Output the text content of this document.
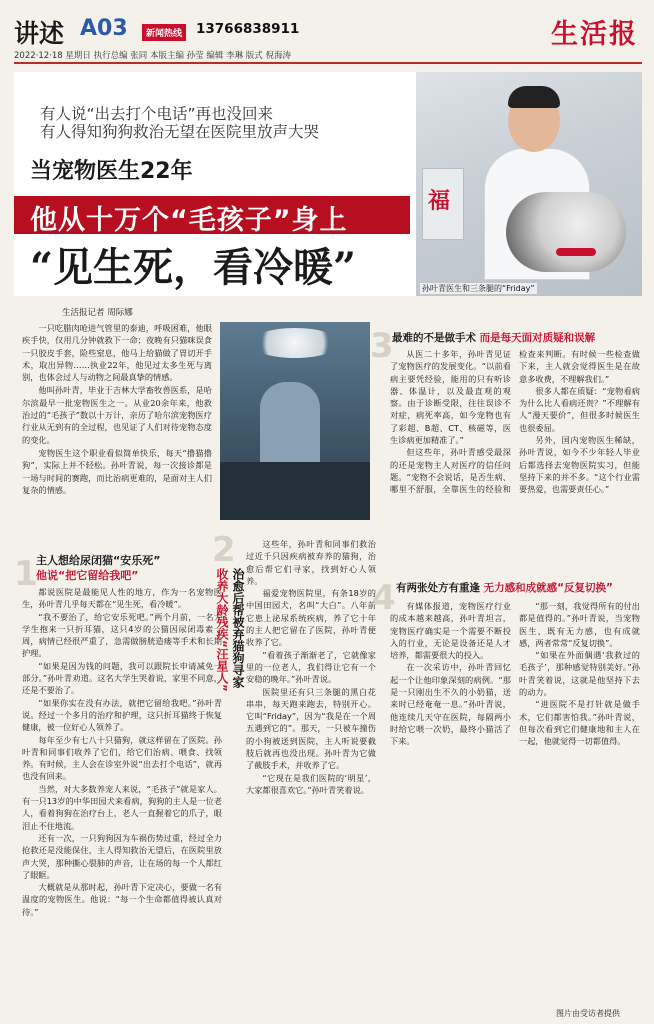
讲述 A03	新闻热线 13766838911	生活报
2022·12·18 星期日 执行总编 张同 本版主编 孙莹 编辑 李琳 版式 倪海涛
福
孙叶青医生和三条腿的“Friday”
有人说“出去打个电话”再也没回来
有人得知狗狗救治无望在医院里放声大哭
当宠物医生22年
他从十万个“毛孩子”身上
“见生死，看冷暖”
生活报记者 周际娜

一只吃腊肉呛进气管里的泰迪，呼吸困难，他眼疾手快，仅用几分钟就救下一命；夜晚有只猫咪误食一只胶皮手套，险些窒息，他马上给猫做了胃切开手术，取出异物……执业22年，他见过太多生死与离别，也体会过人与动物之间最真挚的情感。

他叫孙叶青，毕业于吉林大学畜牧兽医系，是哈尔滨最早一批宠物医生之一。从业20余年来，他救治过的“毛孩子”数以十万计，亲历了哈尔滨宠物医疗行业从无到有的全过程，也见证了人们对待宠物态度的变化。

宠物医生这个职业看似简单快乐，每天“撸猫撸狗”，实际上并不轻松。孙叶青说，每一次接诊都是一场与时间的赛跑，而比治病更难的，是面对主人们复杂的情感。

1
主人想给尿闭猫“安乐死”
他说“把它留给我吧”

都说医院是最能见人性的地方，作为一名宠物医生，孙叶青几乎每天都在“见生死，看冷暖”。

“我不要治了，给它安乐死吧。”两个月前，一名大学生抱来一只折耳猫，这只4岁的公猫因尿闭毒素一周，病情已经很严重了，急需做膀胱造瘘等手术和长期护理。

“如果是因为钱的问题，我可以跟院长申请减免一部分。”孙叶青劝道。这名大学生哭着说，家里不同意，还是不要治了。

“如果你实在没有办法，就把它留给我吧。”孙叶青说。经过一个多月的治疗和护理，这只折耳猫终于恢复健康，被一位好心人领养了。

每年至少有七八十只猫狗，就这样留在了医院。孙叶青和同事们收养了它们，给它们治病、喂食、找领养。有时候，主人会在诊室外说“出去打个电话”，就再也没有回来。

当然，对大多数养宠人来说，“毛孩子”就是家人。有一只13岁的中华田园犬来看病，狗狗的主人是一位老人，看着狗狗在治疗台上，老人一直握着它的爪子，眼泪止不住地流。

还有一次，一只狗狗因为车祸伤势过重，经过全力抢救还是没能保住，主人得知救治无望后，在医院里放声大哭，那种撕心裂肺的声音，让在场的每一个人都红了眼眶。

大概就是从那时起，孙叶青下定决心，要做一名有温度的宠物医生。他说：“每一个生命都值得被认真对待。”

2
治愈后帮被弃猫狗寻家
收养大龄残疾“汪星人”

这些年，孙叶青和同事们救治过近千只因疾病被弃养的猫狗，治愈后帮它们寻家，找到好心人领养。

福爱宠物医院里，有条18岁的中国田园犬，名叫“大白”。八年前它患上泌尿系统疾病，养了它十年的主人把它留在了医院，孙叶青便收养了它。

“看着孩子渐渐老了，它就像家里的一位老人，我们得让它有一个安稳的晚年。”孙叶青说。

医院里还有只三条腿的黑白花串串，每天跑来跑去，特别开心。它叫“Friday”，因为“我是在一个周五遇到它的”。那天，一只被车撞伤的小狗被送到医院，主人听说要截肢后就再也没出现。孙叶青为它做了截肢手术，并收养了它。

“它现在是我们医院的‘明星’，大家都很喜欢它。”孙叶青笑着说。

3
最难的不是做手术 而是每天面对质疑和误解

从医二十多年，孙叶青见证了宠物医疗的发展变化。“以前看病主要凭经验，能用的只有听诊器、体温计，以及最直观的观察。由于诊断受限，往往误诊不对症，病死率高，如今宠物也有了彩超、B超、CT、核磁等，医生诊病更加精准了。”

但这些年，孙叶青感受最深的还是宠物主人对医疗的信任问题。“宠物不会说话，是否生病、哪里不舒服，全靠医生的经验和检查来判断。有时候一些检查做下来，主人就会觉得医生是在故意多收费，不理解我们。”

很多人都在质疑：“宠物看病为什么比人看病还贵？”不理解有人“漫天要价”，但很多时候医生也很委屈。

另外，国内宠物医生稀缺，孙叶青说，如今不少年轻人毕业后都选择去宠物医院实习，但能坚持下来的并不多。“这个行业需要热爱，也需要责任心。”

4 有两张处方有重逢 无力感和成就感“反复切换”

有媒体报道，宠物医疗行业的成本越来越高，孙叶青坦言，宠物医疗确实是一个需要不断投入的行业，无论是设备还是人才培养，都需要很大的投入。

在一次采访中，孙叶青回忆起一个让他印象深刻的病例。“那是一只刚出生不久的小奶猫，送来时已经奄奄一息。”孙叶青说，他连续几天守在医院，每隔两小时给它喂一次奶，最终小猫活了下来。

“那一刻，我觉得所有的付出都是值得的。”孙叶青说，当宠物医生，既有无力感，也有成就感，两者常常“反复切换”。

“如果在外面偶遇‘我救过的毛孩子’，那种感觉特别美好。”孙叶青笑着说，这就是他坚持下去的动力。

“进医院不是打针就是做手术，它们都害怕我。”孙叶青说，但每次看到它们健康地和主人在一起，他就觉得一切都值得。

图片由受访者提供
